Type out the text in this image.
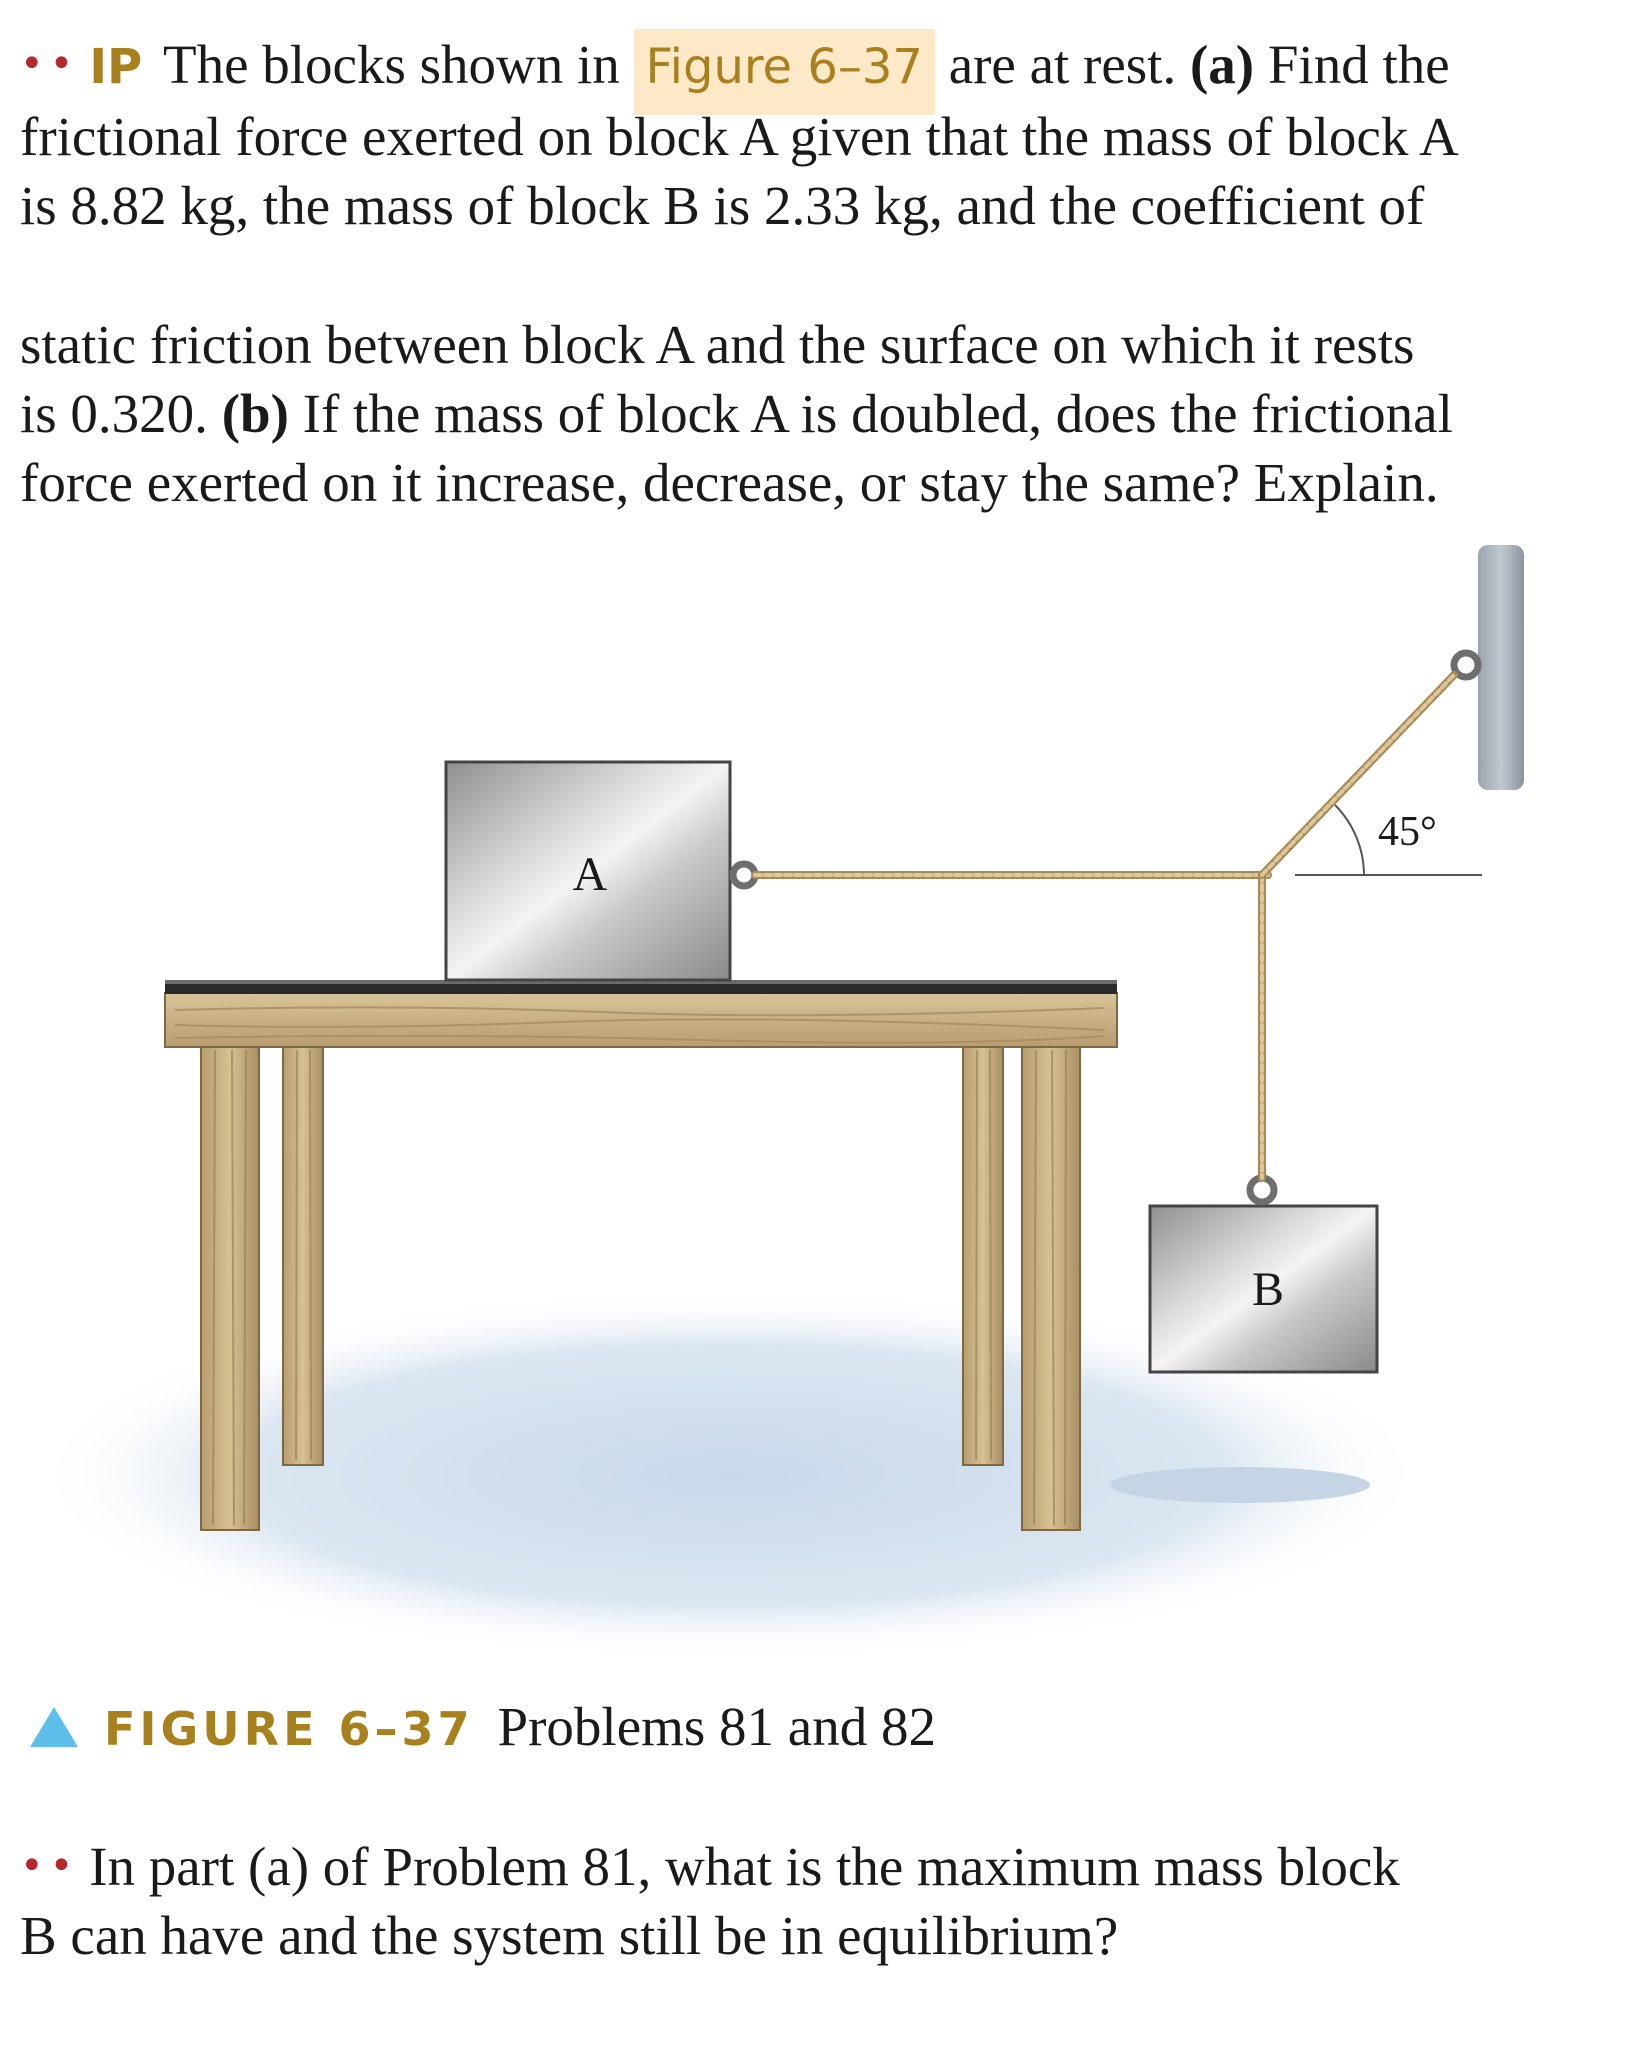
•• IP The blocks shown in Figure 6–37 are at rest. (a) Find the
frictional force exerted on block A given that the mass of block A
is 8.82 kg, the mass of block B is 2.33 kg, and the coefficient of
static friction between block A and the surface on which it rests
is 0.320. (b) If the mass of block A is doubled, does the frictional
force exerted on it increase, decrease, or stay the same? Explain.
A
B
45°
FIGURE 6–37 Problems 81 and 82
•• In part (a) of Problem 81, what is the maximum mass block
B can have and the system still be in equilibrium?
